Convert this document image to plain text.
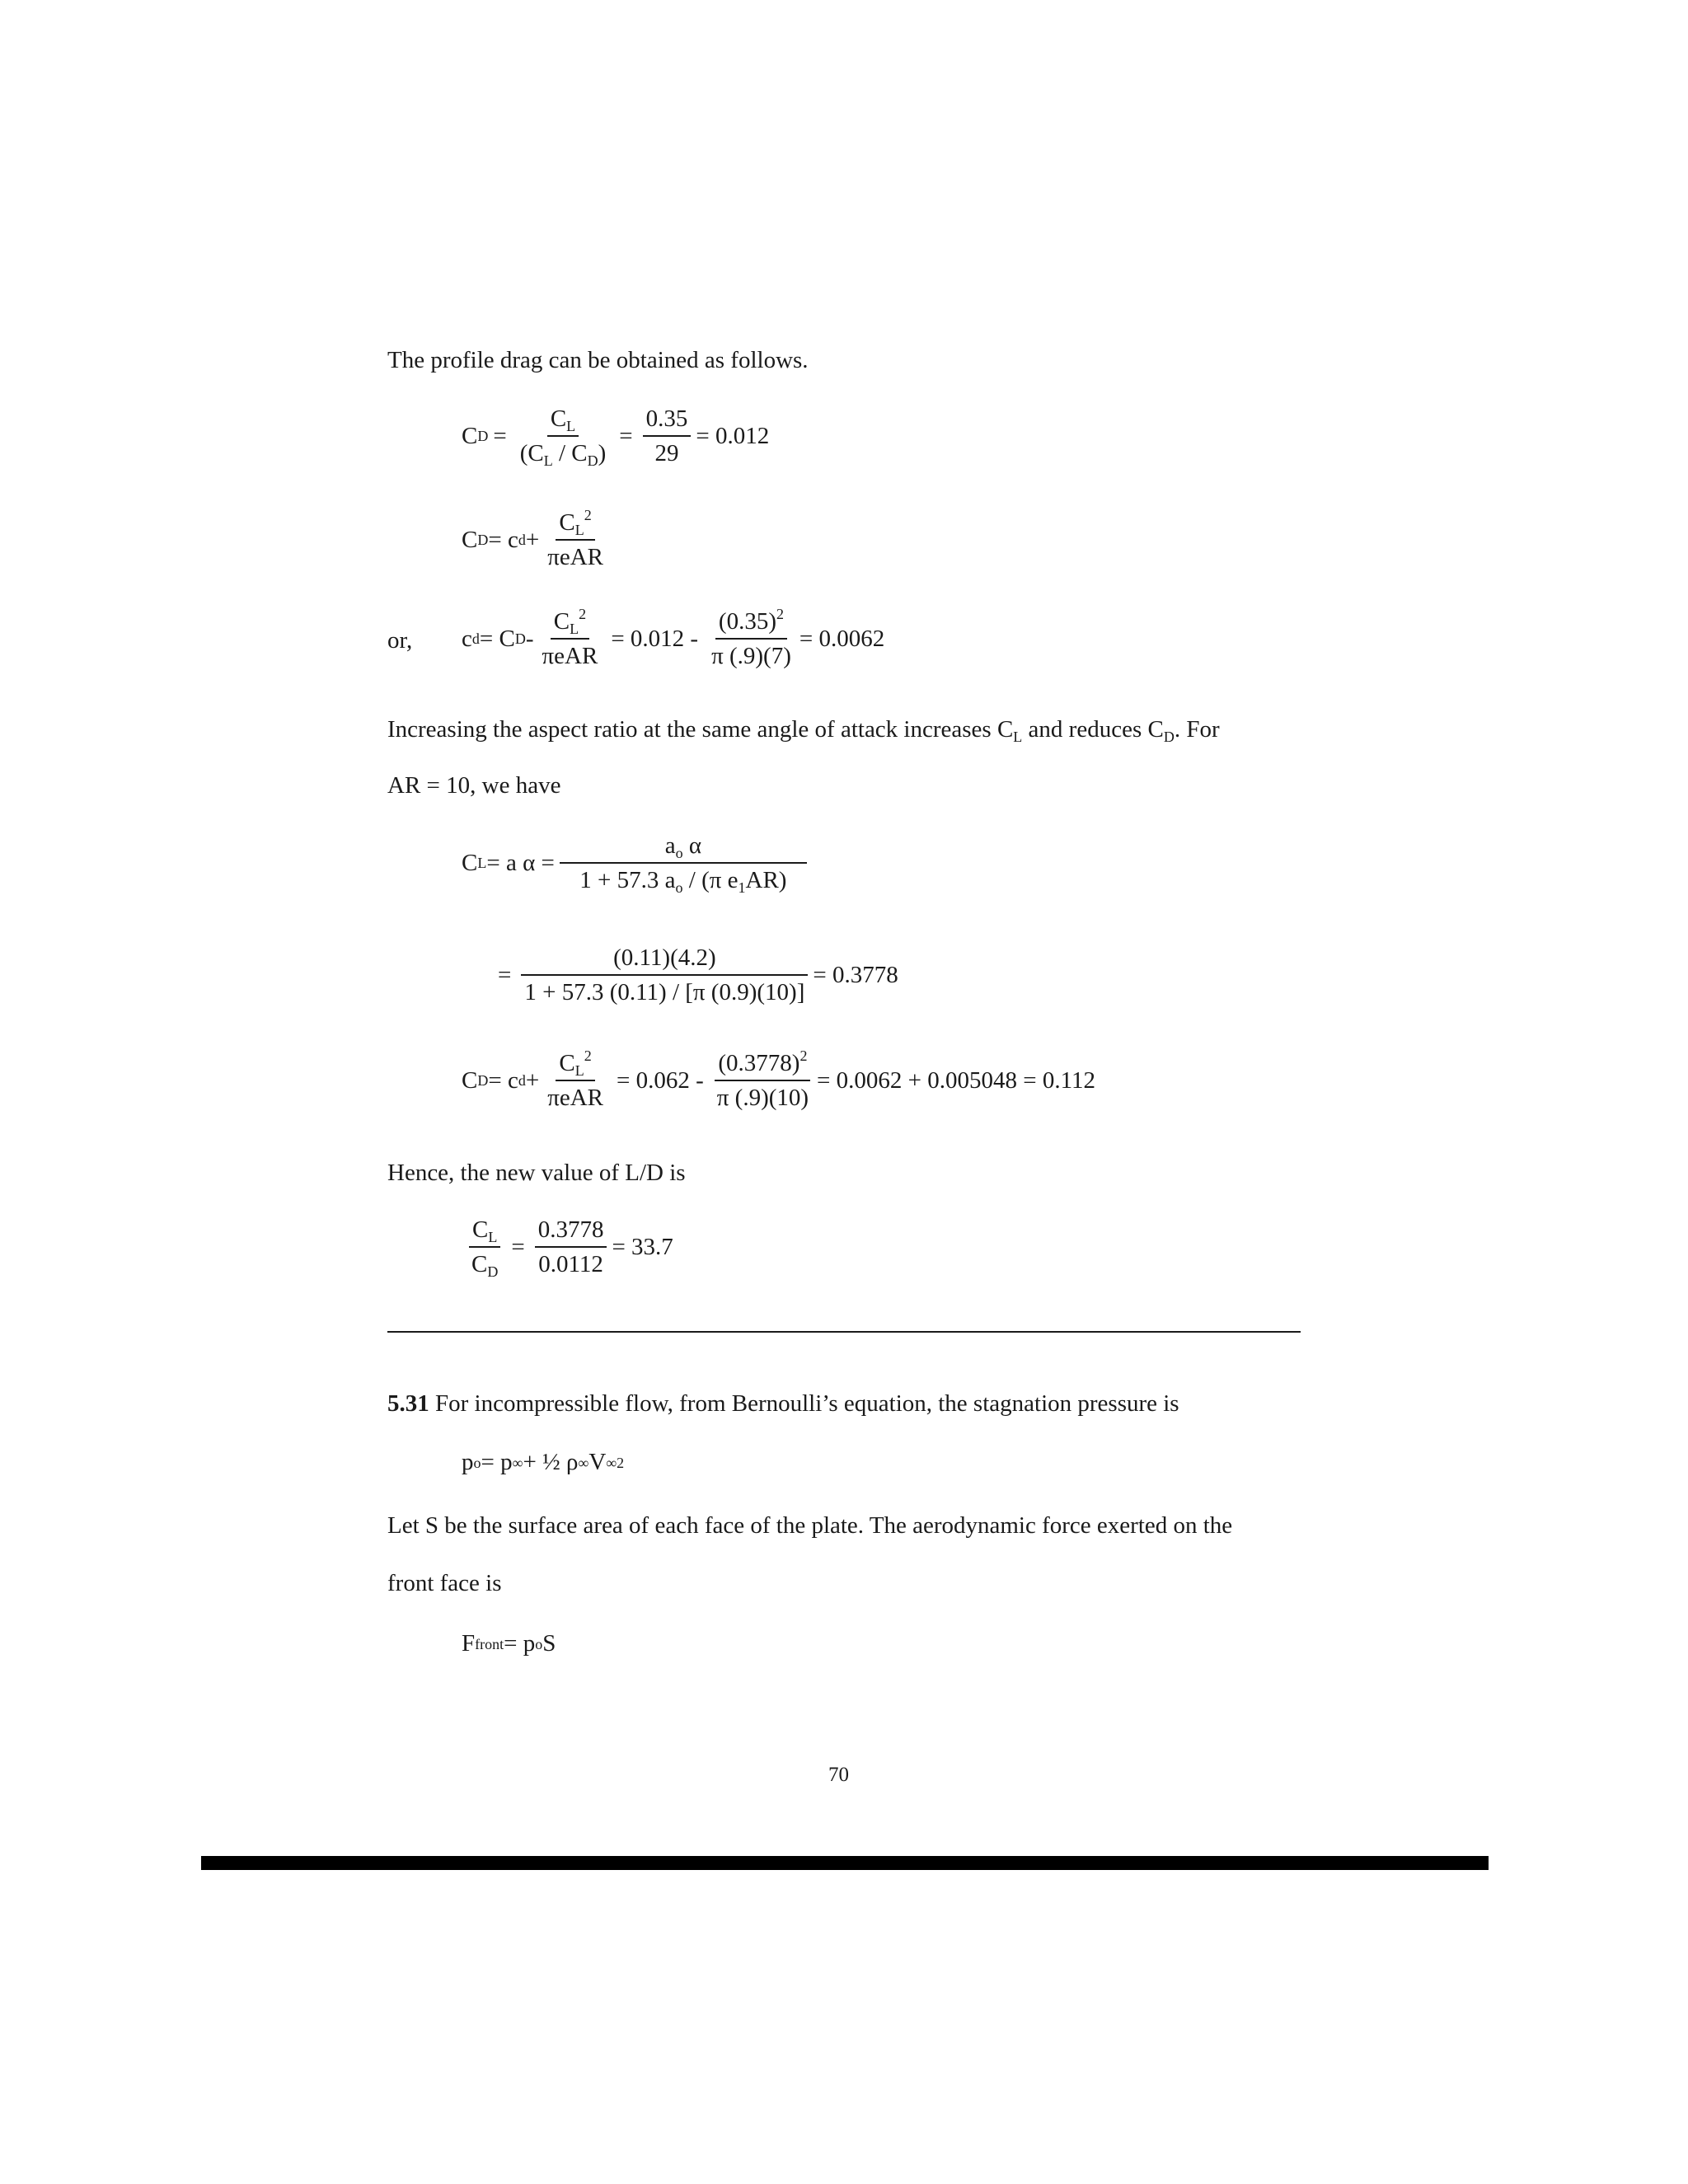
The profile drag can be obtained as follows.
C $D = \frac{C_L}{(C_L / C_D)} = \frac{0.35}{29} = 0.012$
C D = c $d + \frac{C_L^2}{\text{πeAR}}$
or, c d = C $D - \frac{C_L^2}{\text{πeAR}} = 0.012 - \frac{(0.35)^2}{\pi (.9)(7)} = 0.0062$
Increasing the aspect ratio at the same angle of attack increases $C_L$ and reduces $C_D$. For
AR = 10, we have
C L = a $\alpha = \frac{a_o \alpha}{1 + 57.3 a_o / (\pi e_1AR)}$
= $\frac{(0.11)(4.2)}{1 + 57.3 (0.11) / [\pi (0.9)(10)]} = 0.3778$
C D = c $d + \frac{C_L^2}{\text{πeAR}} = 0.062 - \frac{(0.3778)^2}{\pi (.9)(10)} = 0.0062 + 0.005048 = 0.112$
Hence, the new value of L/D is
$\frac{C_L}{C_D} = \frac{0.3778}{0.0112} = 33.7$
5.31 For incompressible flow, from Bernoulli’s equation, the stagnation pressure is
p o = p ∞ + ½ ρ ∞ V ∞ 2
Let S be the surface area of each face of the plate. The aerodynamic force exerted on the
front face is
F front = p o S
70
